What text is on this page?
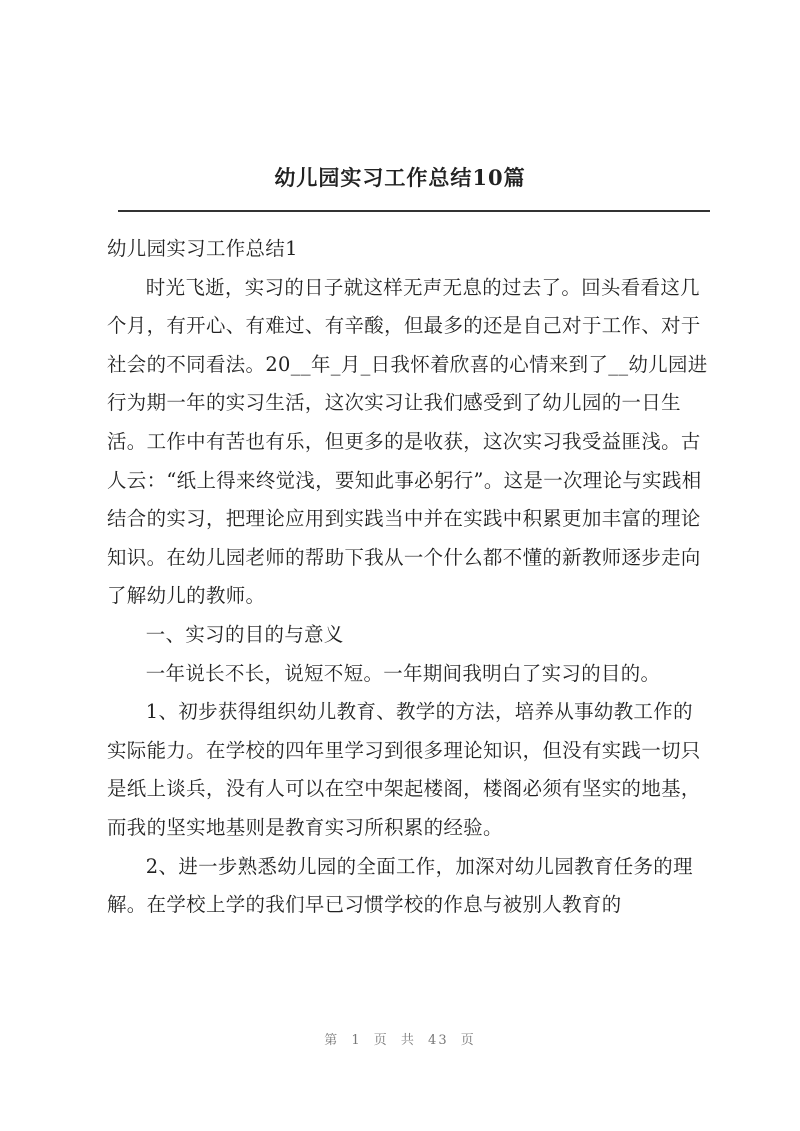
幼儿园实习工作总结10篇

幼儿园实习工作总结1

时光飞逝，实习的日子就这样无声无息的过去了。回头看看这几个月，有开心、有难过、有辛酸，但最多的还是自己对于工作、对于社会的不同看法。20__年_月_日我怀着欣喜的心情来到了__幼儿园进行为期一年的实习生活，这次实习让我们感受到了幼儿园的一日生活。工作中有苦也有乐，但更多的是收获，这次实习我受益匪浅。古人云：“纸上得来终觉浅，要知此事必躬行”。这是一次理论与实践相结合的实习，把理论应用到实践当中并在实践中积累更加丰富的理论知识。在幼儿园老师的帮助下我从一个什么都不懂的新教师逐步走向了解幼儿的教师。

一、实习的目的与意义

一年说长不长，说短不短。一年期间我明白了实习的目的。

1、初步获得组织幼儿教育、教学的方法，培养从事幼教工作的实际能力。在学校的四年里学习到很多理论知识，但没有实践一切只是纸上谈兵，没有人可以在空中架起楼阁，楼阁必须有坚实的地基，而我的坚实地基则是教育实习所积累的经验。

2、进一步熟悉幼儿园的全面工作，加深对幼儿园教育任务的理解。在学校上学的我们早已习惯学校的作息与被别人教育的

第 1 页 共 43 页
